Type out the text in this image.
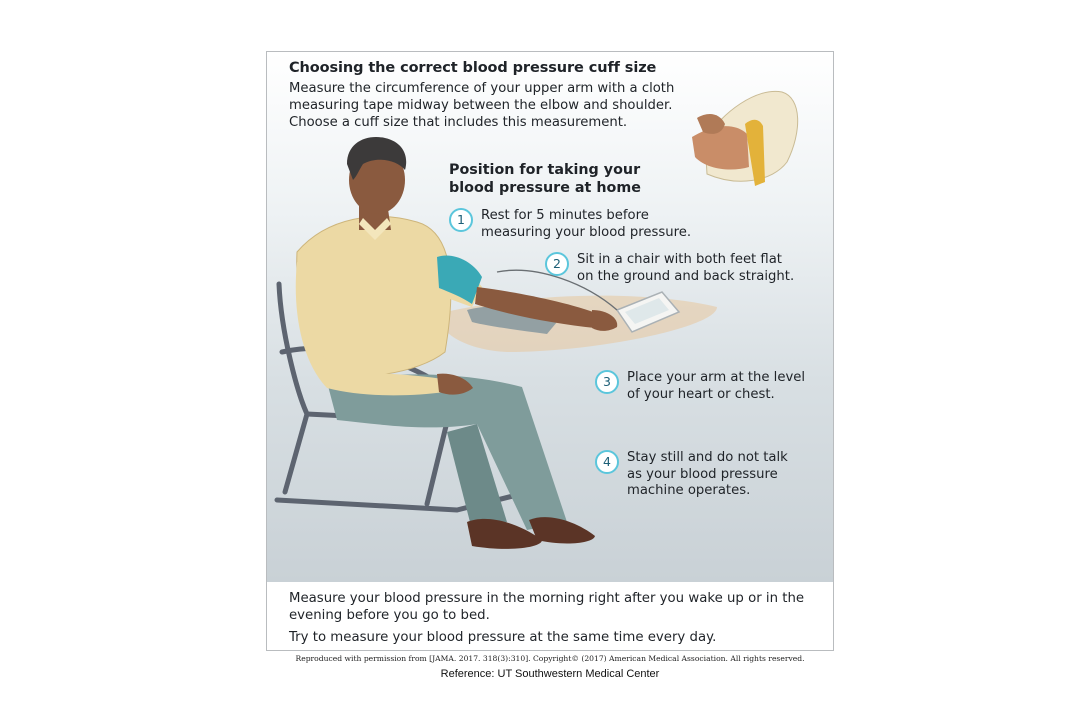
Choosing the correct blood pressure cuff size
Measure the circumference of your upper arm with a cloth
measuring tape midway between the elbow and shoulder.
Choose a cuff size that includes this measurement.
Position for taking your
blood pressure at home
1	Rest for 5 minutes before
measuring your blood pressure.
2	Sit in a chair with both feet flat
on the ground and back straight.
3	Place your arm at the level
of your heart or chest.
4	Stay still and do not talk
as your blood pressure
machine operates.

Measure your blood pressure in the morning right after you wake up or in the evening before you go to bed.

Try to measure your blood pressure at the same time every day.

Reproduced with permission from [JAMA. 2017. 318(3):310]. Copyright© (2017) American Medical Association. All rights reserved.
Reference: UT Southwestern Medical Center
